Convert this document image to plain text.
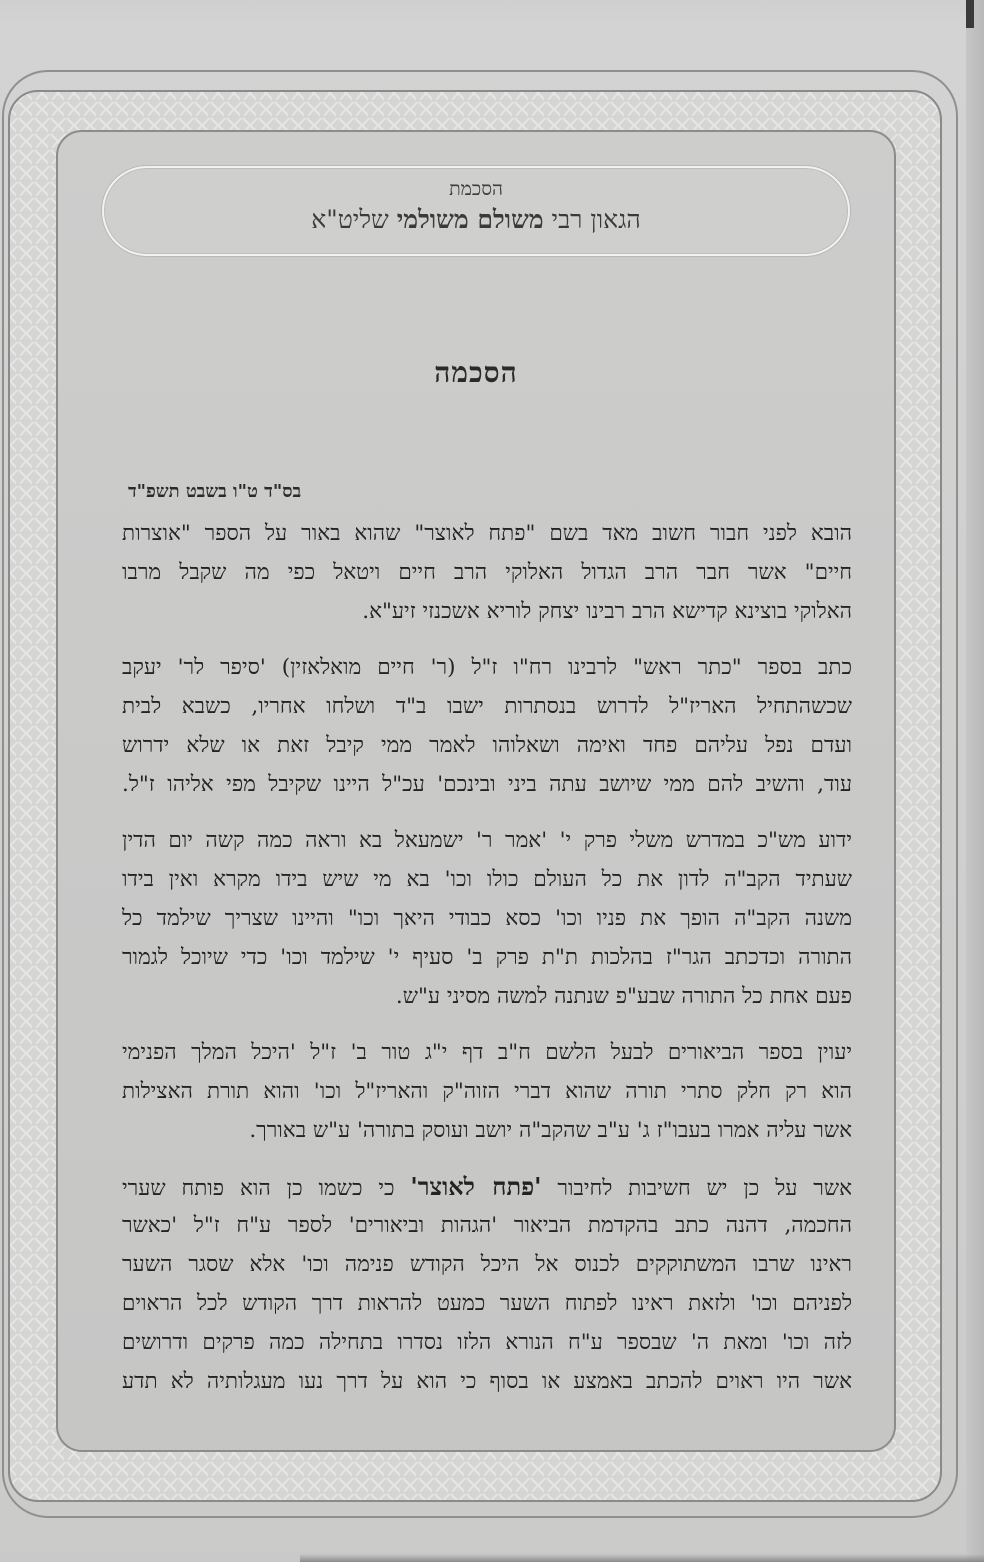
הסכמת
הגאון רבי משולם משולמי שליט"א
הסכמה
בס"ד ט"ו בשבט תשפ"ד
הובא לפני חבור חשוב מאד בשם "פתח לאוצר" שהוא באור על הספר "אוצרות
חיים" אשר חבר הרב הגדול האלוקי הרב חיים ויטאל כפי מה שקבל מרבו
האלוקי בוצינא קדישא הרב רבינו יצחק לוריא אשכנזי זיע"א.
כתב בספר "כתר ראש" לרבינו רח"ו ז"ל (ר' חיים מואלאזין) 'סיפר לר' יעקב
שכשהתחיל האריז"ל לדרוש בנסתרות ישבו ב"ד ושלחו אחריו, כשבא לבית
ועדם נפל עליהם פחד ואימה ושאלוהו לאמר ממי קיבל זאת או שלא ידרוש
עוד, והשיב להם ממי שיושב עתה ביני ובינכם' עכ"ל היינו שקיבל מפי אליהו ז"ל.
ידוע מש"כ במדרש משלי פרק י' 'אמר ר' ישמעאל בא וראה כמה קשה יום הדין
שעתיד הקב"ה לדון את כל העולם כולו וכו' בא מי שיש בידו מקרא ואין בידו
משנה הקב"ה הופך את פניו וכו' כסא כבודי היאך וכו" והיינו שצריך שילמד כל
התורה וכדכתב הגר"ז בהלכות ת"ת פרק ב' סעיף י' שילמד וכו' כדי שיוכל לגמור
פעם אחת כל התורה שבע"פ שנתנה למשה מסיני ע"ש.
יעוין בספר הביאורים לבעל הלשם ח"ב דף י"ג טור ב' ז"ל 'היכל המלך הפנימי
הוא רק חלק סתרי תורה שהוא דברי הזוה"ק והאריז"ל וכו' והוא תורת האצילות
אשר עליה אמרו בעבו"ז ג' ע"ב שהקב"ה יושב ועוסק בתורה' ע"ש באורך.
אשר על כן יש חשיבות לחיבור 'פתח לאוצר' כי כשמו כן הוא פותח שערי
החכמה, דהנה כתב בהקדמת הביאור 'הגהות וביאורים' לספר ע"ח ז"ל 'כאשר
ראינו שרבו המשתוקקים לכנוס אל היכל הקודש פנימה וכו' אלא שסגר השער
לפניהם וכו' ולזאת ראינו לפתוח השער כמעט להראות דרך הקודש לכל הראוים
לזה וכו' ומאת ה' שבספר ע"ח הנורא הלזו נסדרו בתחילה כמה פרקים ודרושים
אשר היו ראוים להכתב באמצע או בסוף כי הוא על דרך נעו מעגלותיה לא תדע
